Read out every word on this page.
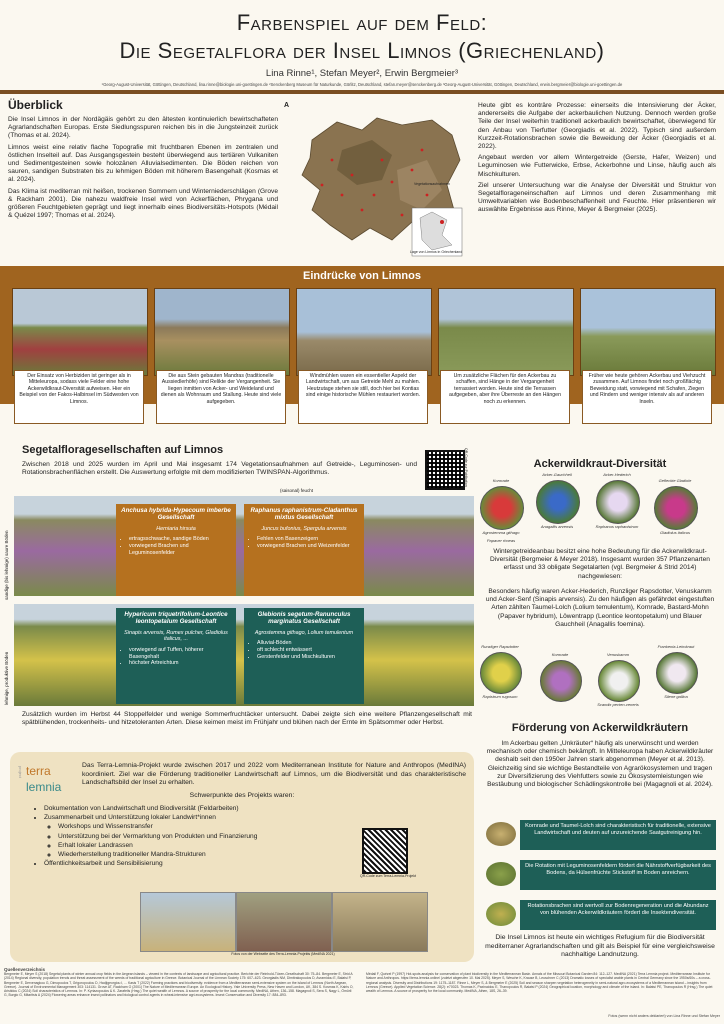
Farbenspiel auf dem Feld:
Die Segetalflora der Insel Limnos (Griechenland)
Lina Rinne¹, Stefan Meyer², Erwin Bergmeier³
¹Georg-August-Universität, Göttingen, Deutschland, lina.rinne@biologie.uni-goettingen.de ²Senckenberg Museum für Naturkunde, Görlitz, Deutschland, stefan.meyer@senckenberg.de ³Georg-August-Universität, Göttingen, Deutschland, erwin.bergmeier@biologie.uni-goettingen.de
Überblick

Die Insel Limnos in der Nordägäis gehört zu den ältesten kontinuierlich bewirtschafteten Agrarlandschaften Europas. Erste Siedlungsspuren reichen bis in die Jungsteinzeit zurück (Thomas et al. 2024).

Limnos weist eine relativ flache Topografie mit fruchtbaren Ebenen im zentralen und östlichen Inselteil auf. Das Ausgangsgestein besteht überwiegend aus tertiären Vulkaniten und Sedimentgesteinen sowie holozänen Alluvialsedimenten. Die Böden reichen von sauren, sandigen Substraten bis zu lehmigen Böden mit höherem Basengehalt (Kosmas et al. 2024).

Das Klima ist mediterran mit heißen, trockenen Sommern und Winterniederschlägen (Grove & Rackham 2001). Die nahezu waldfreie Insel wird von Ackerflächen, Phrygana und größeren Feuchtgebieten geprägt und liegt innerhalb eines Biodiversitäts-Hotspots (Médail & Quézel 1997; Thomas et al. 2024).

A
Vegetationsaufnahmen
Lage von Limnos in Griechenland

Heute gibt es konträre Prozesse: einerseits die Intensivierung der Äcker, andererseits die Aufgabe der ackerbaulichen Nutzung. Dennoch werden große Teile der Insel weiterhin traditionell ackerbaulich bewirtschaftet, überwiegend für den Anbau von Tierfutter (Georgiadis et al. 2022). Typisch sind außerdem Kurzzeit-Rotationsbrachen sowie die Beweidung der Äcker (Georgiadis et al. 2022).

Angebaut werden vor allem Wintergetreide (Gerste, Hafer, Weizen) und Leguminosen wie Futterwicke, Erbse, Ackerbohne und Linse, häufig auch als Mischkulturen.

Ziel unserer Untersuchung war die Analyse der Diversität und Struktur von Segetalflorageneinschaften auf Limnos und deren Zusammenhang mit Umweltvariablen wie Bodenbeschaffenheit und Feuchte. Hier präsentieren wir auswählte Ergebnisse aus Rinne, Meyer & Bergmeier (2025).

Eindrücke von Limnos
Der Einsatz von Herbiziden ist geringer als in Mitteleuropa, sodass viele Felder eine hohe Ackerwildkraut-Diversität aufweisen. Hier ein Beispiel von der Fakos-Halbinsel im Südwesten von Limnos.
Die aus Stein gebauten Mandras (traditionelle Aussiedlerhöfe) sind Relikte der Vergangenheit. Sie liegen inmitten von Acker- und Weideland und dienen als Wohnraum und Stallung. Heute sind viele aufgegeben.
Windmühlen waren ein essentieller Aspekt der Landwirtschaft, um aus Getreide Mehl zu mahlen. Heutzutage stehen sie still, doch hier bei Kontias sind einige historische Mühlen restauriert worden.
Um zusätzliche Flächen für den Ackerbau zu schaffen, sind Hänge in der Vergangenheit terrassiert worden. Heute sind die Terrassen aufgegeben, aber ihre Überreste an den Hängen noch zu erkennen.
Früher wie heute gehören Ackerbau und Viehzucht zusammen. Auf Limnos findet noch großflächig Beweidung statt, vorwiegend mit Schafen, Ziegen und Rindern und weniger intensiv als auf anderen Inseln.
Segetalfloragesellschaften auf Limnos
Zwischen 2018 und 2025 wurden im April und Mai insgesamt 174 Vegetationsaufnahmen auf Getreide-, Leguminosen- und Rotationsbrachenflächen erstellt. Die Auswertung erfolgte mit dem modifizierten TWINSPAN-Algorithmus.	QR-Code zur Publikation
(saisonal) feucht
sandige (bis lehmige) saure Böden
lehmige, produktive Böden
Anchusa hybrida-Hypecoum imberbe Gesellschaft
Herniaria hirsuta
• ertragsschwache, sandige Böden
• vorwiegend Brachen und Leguminosenfelder
Raphanus raphanistrum-Cladanthus mixtus Gesellschaft
Juncus bufonius, Spergula arvensis
• Fehlen von Basenzeigern
• vorwiegend Brachen und Weizenfelder
Hypericum triquetrifolium-Leontice leontopetalum Gesellschaft
Sinapis arvensis, Rumex pulcher, Gladiolus italicus, ...
• vorwiegend auf Tuffen, höherer Basengehalt
• höchster Artreichtum
Glebionis segetum-Ranunculus marginatus Gesellschaft
Agrostemma githago, Lolium temulentum
• Alluvial-Böden
• oft schlecht entwässert
• Gerstenfelder und Mischkulturen
Zusätzlich wurden im Herbst 44 Stoppelfelder und wenige Sommerfruchtäcker untersucht. Dabei zeigte sich eine weitere Pflanzengesellschaft mit spätblühenden, trockenheits- und hitzetoleranten Arten. Diese keimen meist im Frühjahr und blühen nach der Ernte im Spätsommer oder Herbst.
project terra
lemnia
Das Terra-Lemnia-Projekt wurde zwischen 2017 und 2022 vom Mediterranean Institute for Nature and Anthropos (MedINA) koordiniert. Ziel war die Förderung traditioneller Landwirtschaft auf Limnos, um die Biodiversität und das charakteristische Landschaftsbild der Insel zu erhalten.
Schwerpunkte des Projekts waren:
• Dokumentation von Landwirtschaft und Biodiversität (Feldarbeiten)
• Zusammenarbeit und Unterstützung lokaler Landwirt*innen
◦ Workshops und Wissenstransfer
◦ Unterstützung bei der Vermarktung von Produkten und Finanzierung
◦ Erhalt lokaler Landrassen
◦ Wiederherstellung traditioneller Mandra-Strukturen
• Öffentlichkeitsarbeit und Sensibilisierung
QR-Code zum Terra-Lemnia-Projekt
Fotos von der Webseite des Terra-Lemnia-Projekts (MedINA 2021)
Ackerwildkraut-Diversität
Kornrade
Acker-Gauchheil	Acker-Hederich
Gefleckte Gladiole
Agrostemma githago
Anagallis arvensis	Raphanus raphanistrum
Gladiolus italicus
Papaver rhoeas
Wintergetreideanbau besitzt eine hohe Bedeutung für die Ackerwildkraut-Diversität (Bergmeier & Meyer 2018). Insgesamt wurden 357 Pflanzenarten erfasst und 33 obligate Segetalarten (vgl. Bergmeier & Strid 2014) nachgewiesen:
Besonders häufig waren Acker-Hederich, Runzliger Rapsdotter, Venuskamm und Acker-Senf (Sinapis arvensis). Zu den häufigen als gefährdet eingestuften Arten zählten Taumel-Lolch (Lolium temulentum), Kornrade, Bastard-Mohn (Papaver hybridum), Löwentrapp (Leontice leontopetalum) und Blauer Gauchheil (Anagallis foemina).
Runzliger Rapsdotter
Kornrade	Venuskamm
Frankenia-Leimkraut
Rapistrum rugosum
Scandix pecten-veneris
Silene gallica
Förderung von Ackerwildkräutern
Im Ackerbau gelten „Unkräuter“ häufig als unerwünscht und werden mechanisch oder chemisch bekämpft. In Mitteleuropa haben Ackerwildkräuter deshalb seit den 1950er Jahren stark abgenommen (Meyer et al. 2013). Gleichzeitig sind sie wichtige Bestandteile von Agrarökosystemen und tragen zur Diversifizierung des Viehfutters sowie zu Ökosystemleistungen wie Bestäubung und biologischer Schädlingskontrolle bei (Magagnoli et al. 2024).
Kornrade und Taumel-Lolch sind charakteristisch für traditionelle, extensive Landwirtschaft und deuten auf unzureichende Saatgutreinigung hin.
Die Rotation mit Leguminosenfeldern fördert die Nährstoffverfügbarkeit des Bodens, da Hülsenfrüchte Stickstoff im Boden anreichern.
Rotationsbrachen sind wertvoll zur Bodenregeneration und die Abundanz von blühenden Ackerwildkräutern fördert die Insektendiversität.
Die Insel Limnos ist heute ein wichtiges Refugium für die Biodiversität mediterraner Agrarlandschaften und gilt als Beispiel für eine vergleichsweise nachhaltige Landnutzung.
Quellenverzeichnis
Bergmeier E, Meyer S (2018) Segetal plants of winter annual crop fields in the Aegean islands – viewed in the contexts of landscape and agricultural practice. Berichte der Reinhold-Tüxen-Gesellschaft 30: 75–84. Bergmeier E, Strid A (2014) Regional diversity, population trends and threat assessment of the weeds of traditional agriculture in Greece. Botanical Journal of the Linnean Society 175: 607–623. Georgiadis NM, Dimitrakopoulos D, Avramidou E, Balatsi P, Bergmeier E, Dervenagkou G, Dimopoulos T, Grigoropoulou D, Hadjigeorgiou I, ... Kasis T (2022) Farming practices and biodiversity: evidence from a Mediterranean semi-extensive system on the island of Lemnos (North Aegean, Greece). Journal of Environmental Management 303: 114131. Grove AT, Rackham O (2001) The Nature of Mediterranean Europe. An Ecological History. Yale University Press, New Haven and London, UK, 384 S. Kosmas K, Kairis O, Aristidou C (2024) Soil characteristics of Lemnos. In: P. Kyriazopoulos & K. Zarafelis (Hrsg.) The quiet wealth of Lemnos. A source of prosperity for the local community. MedINA, Athen, 136–158. Magagnoli S, Sera S, Nagy L, Ömürli G, Burgio G, Mitaritsis A (2024) Flowering areas enhance insect pollinators and biological control agents in wheat-intensive agri-ecosystems. Insect Conservation and Diversity 17: 884–893.
Médail F, Quézel P (1997) Hot-spots analysis for conservation of plant biodiversity in the Mediterranean Basin. Annals of the Missouri Botanical Garden 84: 112–127. MedINA (2021) Terra Lemnia project. Mediterranean Institute for Nature and Anthropos. https://terra-lemnia.online/ (zuletzt abgerufen 10. Mai 2025). Meyer S, Wesche K, Krause B, Leuschner C (2013) Dramatic losses of specialist arable plants in Central Germany since the 1950s/60s – a cross-regional analysis. Diversity and Distributions 19: 1175–1187. Rinne L, Meyer S, & Bergmeier E (2025) Soil and season sharpen vegetation heterogeneity in semi-natural agro-ecosystems of a Mediterranean island – insights from Lemnos (Greece). Applied Vegetation Science. 28(2): e70023. Thomas K, Paxinaidou E, Thanopoulos R, Balatsi P (2024) Geographical location, morphology and climate of the island. In: Balatsi PE, Thanopoulos R (Hrsg.) The quiet wealth of Lemnos. A source of prosperity for the local community. MedINA, Athen, 18S, 26–39.
Fotos (wenn nicht anders deklariert) von Lina Rinne und Stefan Meyer
